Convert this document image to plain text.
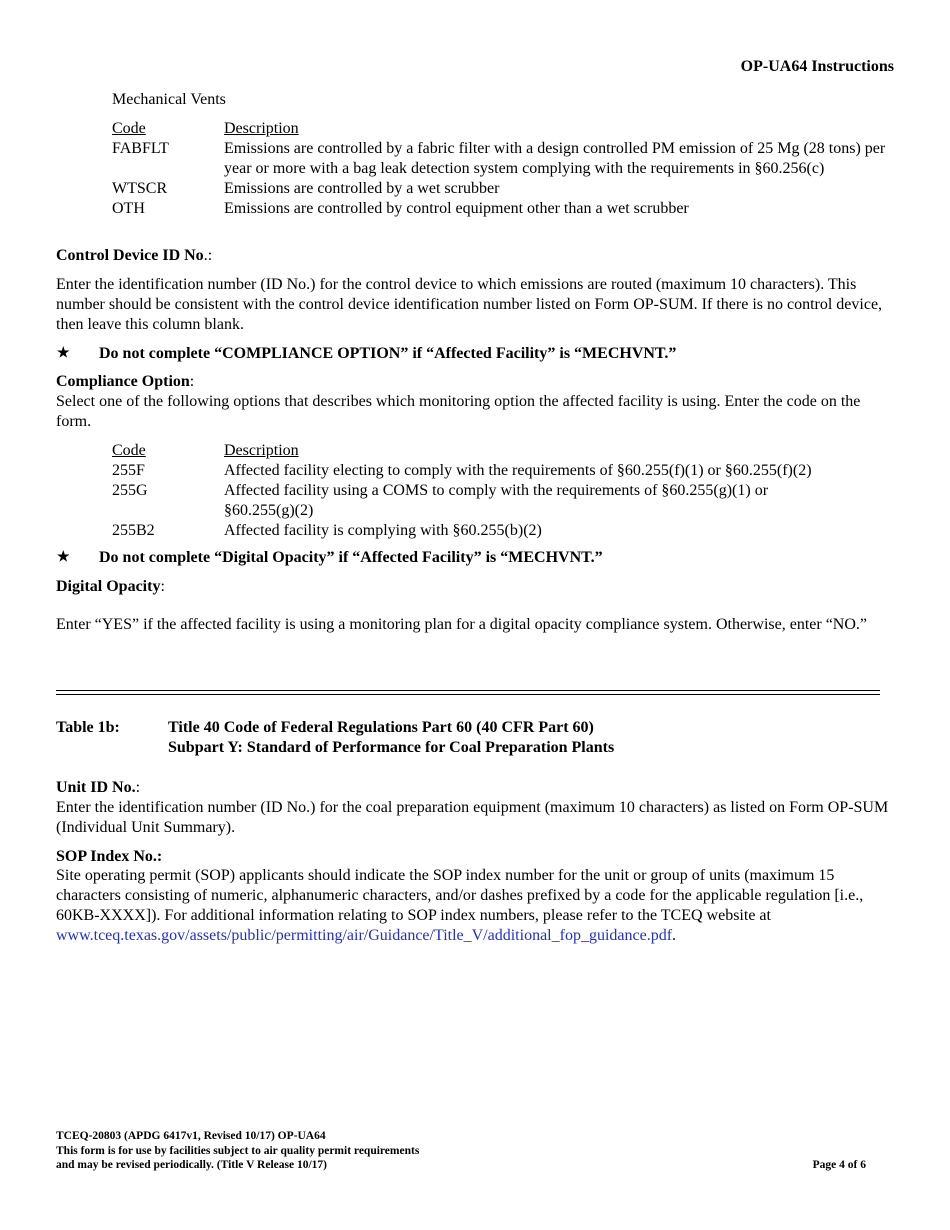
OP-UA64 Instructions
Mechanical Vents
Code	Description
FABFLT	Emissions are controlled by a fabric filter with a design controlled PM emission of 25 Mg (28 tons) per year or more with a bag leak detection system complying with the requirements in §60.256(c)
WTSCR	Emissions are controlled by a wet scrubber
OTH	Emissions are controlled by control equipment other than a wet scrubber
Control Device ID No.:
Enter the identification number (ID No.) for the control device to which emissions are routed (maximum 10 characters). This number should be consistent with the control device identification number listed on Form OP-SUM. If there is no control device, then leave this column blank.
★	Do not complete “COMPLIANCE OPTION” if “Affected Facility” is “MECHVNT.”
Compliance Option:
Select one of the following options that describes which monitoring option the affected facility is using. Enter the code on the form.
Code	Description
255F	Affected facility electing to comply with the requirements of §60.255(f)(1) or §60.255(f)(2)
255G	Affected facility using a COMS to comply with the requirements of §60.255(g)(1) or §60.255(g)(2)
255B2	Affected facility is complying with §60.255(b)(2)
★	Do not complete “Digital Opacity” if “Affected Facility” is “MECHVNT.”
Digital Opacity:
Enter “YES” if the affected facility is using a monitoring plan for a digital opacity compliance system. Otherwise, enter “NO.”
Table 1b:	Title 40 Code of Federal Regulations Part 60 (40 CFR Part 60)
Subpart Y: Standard of Performance for Coal Preparation Plants
Unit ID No.:
Enter the identification number (ID No.) for the coal preparation equipment (maximum 10 characters) as listed on Form OP-SUM (Individual Unit Summary).
SOP Index No.:
Site operating permit (SOP) applicants should indicate the SOP index number for the unit or group of units (maximum 15 characters consisting of numeric, alphanumeric characters, and/or dashes prefixed by a code for the applicable regulation [i.e., 60KB-XXXX]). For additional information relating to SOP index numbers, please refer to the TCEQ website at www.tceq.texas.gov/assets/public/permitting/air/Guidance/Title_V/additional_fop_guidance.pdf.
TCEQ-20803 (APDG 6417v1, Revised 10/17) OP-UA64
This form is for use by facilities subject to air quality permit requirements
and may be revised periodically. (Title V Release 10/17)	Page 4 of 6
